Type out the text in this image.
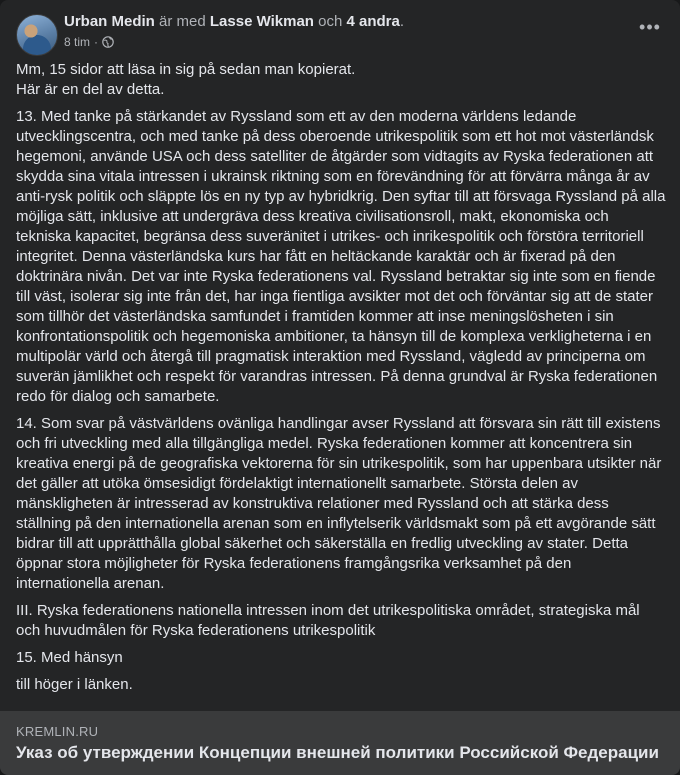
Urban Medin är med Lasse Wikman och 4 andra.
8 tim ·
•••

Mm, 15 sidor att läsa in sig på sedan man kopierat.
Här är en del av detta.

13. Med tanke på stärkandet av Ryssland som ett av den moderna världens ledande utvecklingscentra, och med tanke på dess oberoende utrikespolitik som ett hot mot västerländsk hegemoni, använde USA och dess satelliter de åtgärder som vidtagits av Ryska federationen att skydda sina vitala intressen i ukrainsk riktning som en förevändning för att förvärra många år av anti-rysk politik och släppte lös en ny typ av hybridkrig. Den syftar till att försvaga Ryssland på alla möjliga sätt, inklusive att undergräva dess kreativa civilisationsroll, makt, ekonomiska och tekniska kapacitet, begränsa dess suveränitet i utrikes- och inrikespolitik och förstöra territoriell integritet. Denna västerländska kurs har fått en heltäckande karaktär och är fixerad på den doktrinära nivån. Det var inte Ryska federationens val. Ryssland betraktar sig inte som en fiende till väst, isolerar sig inte från det, har inga fientliga avsikter mot det och förväntar sig att de stater som tillhör det västerländska samfundet i framtiden kommer att inse meningslösheten i sin konfrontationspolitik och hegemoniska ambitioner, ta hänsyn till de komplexa verkligheterna i en multipolär värld och återgå till pragmatisk interaktion med Ryssland, vägledd av principerna om suverän jämlikhet och respekt för varandras intressen. På denna grundval är Ryska federationen redo för dialog och samarbete.

14. Som svar på västvärldens ovänliga handlingar avser Ryssland att försvara sin rätt till existens och fri utveckling med alla tillgängliga medel. Ryska federationen kommer att koncentrera sin kreativa energi på de geografiska vektorerna för sin utrikespolitik, som har uppenbara utsikter när det gäller att utöka ömsesidigt fördelaktigt internationellt samarbete. Största delen av mänskligheten är intresserad av konstruktiva relationer med Ryssland och att stärka dess ställning på den internationella arenan som en inflytelserik världsmakt som på ett avgörande sätt bidrar till att upprätthålla global säkerhet och säkerställa en fredlig utveckling av stater. Detta öppnar stora möjligheter för Ryska federationens framgångsrika verksamhet på den internationella arenan.

III. Ryska federationens nationella intressen inom det utrikespolitiska området, strategiska mål och huvudmålen för Ryska federationens utrikespolitik

15. Med hänsyn

till höger i länken.

KREMLIN.RU
Указ об утверждении Концепции внешней политики Российской Федерации
